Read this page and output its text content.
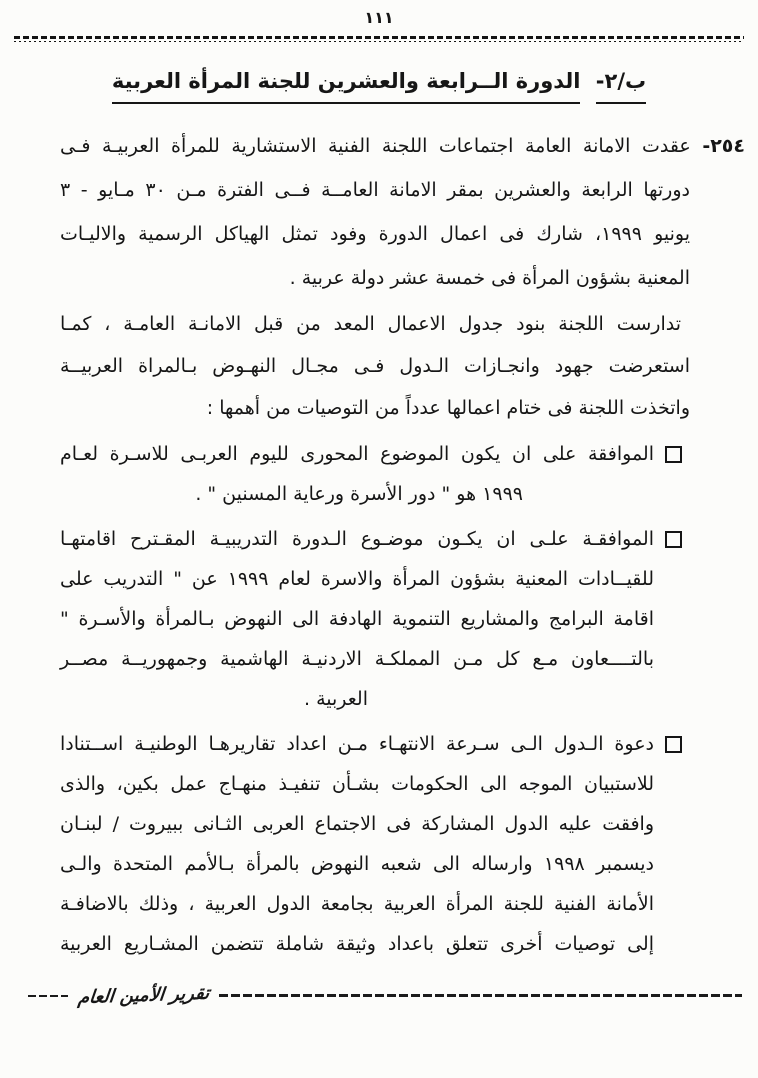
١١١
ب/٢- الدورة الــرابعة والعشرين للجنة المرأة العربية
٢٥٤- عقدت الامانة العامة اجتماعات اللجنة الفنية الاستشارية للمرأة العربيـة فـى
دورتها الرابعة والعشرين بمقر الامانة العامــة فــى الفترة مـن ٣٠ مـايو - ٣
يونيو ١٩٩٩، شارك فى اعمال الدورة وفود تمثل الهياكل الرسمية والاليـات
المعنية بشؤون المرأة فى خمسة عشر دولة عربية .
تدارست اللجنة بنود جدول الاعمال المعد من قبل الامانـة العامـة ، كمـا
استعرضت جهود وانجـازات الـدول فـى مجـال النهـوض بـالمراة العربيــة
واتخذت اللجنة فى ختام اعمالها عدداً من التوصيات من أهمها :
الموافقة على ان يكون الموضوع المحورى لليوم العربـى للاسـرة لعـام
١٩٩٩ هو " دور الأسرة ورعاية المسنين " .
الموافقـة علـى ان يكـون موضـوع الـدورة التدريبيـة المقـترح اقامتهـا
للقيــادات المعنية بشؤون المرأة والاسرة لعام ١٩٩٩ عن " التدريب على
اقامة البرامج والمشاريع التنموية الهادفة الى النهوض بـالمرأة والأسـرة "
بالتــــعاون مـع كل مـن المملكـة الاردنيـة الهاشمية وجمهوريــة مصــر
العربية .
دعوة الـدول الـى سـرعة الانتهـاء مـن اعداد تقاريرهـا الوطنيـة اســتنادا
للاستبيان الموجه الى الحكومات بشـأن تنفيـذ منهـاج عمل بكين، والذى
وافقت عليه الدول المشاركة فى الاجتماع العربى الثـانى ببيروت / لبنـان
ديسمبر ١٩٩٨ وارساله الى شعبه النهوض بالمرأة بـالأمم المتحدة والـى
الأمانة الفنية للجنة المرأة العربية بجامعة الدول العربية ، وذلك بالاضافـة
إلى توصيات أخرى تتعلق باعداد وثيقة شاملة تتضمن المشـاريع العربية
تقرير الأمين العام
